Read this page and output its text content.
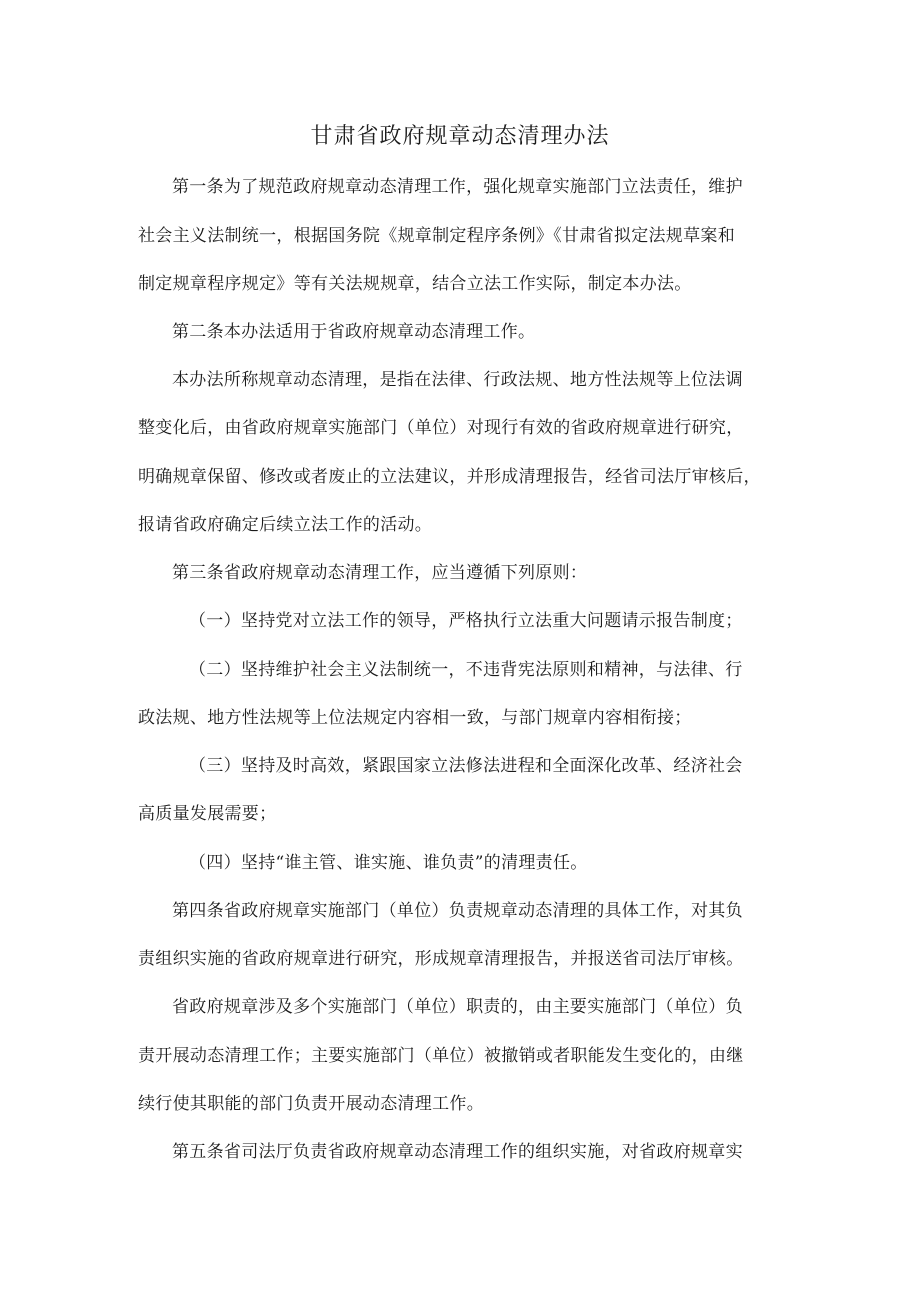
甘肃省政府规章动态清理办法

第一条为了规范政府规章动态清理工作，强化规章实施部门立法责任，维护

社会主义法制统一，根据国务院《规章制定程序条例》《甘肃省拟定法规草案和

制定规章程序规定》等有关法规规章，结合立法工作实际，制定本办法。

第二条本办法适用于省政府规章动态清理工作。

本办法所称规章动态清理，是指在法律、行政法规、地方性法规等上位法调

整变化后，由省政府规章实施部门（单位）对现行有效的省政府规章进行研究，

明确规章保留、修改或者废止的立法建议，并形成清理报告，经省司法厅审核后，

报请省政府确定后续立法工作的活动。

第三条省政府规章动态清理工作，应当遵循下列原则：

（一）坚持党对立法工作的领导，严格执行立法重大问题请示报告制度；

（二）坚持维护社会主义法制统一，不违背宪法原则和精神，与法律、行

政法规、地方性法规等上位法规定内容相一致，与部门规章内容相衔接；

（三）坚持及时高效，紧跟国家立法修法进程和全面深化改革、经济社会

高质量发展需要；

（四）坚持“谁主管、谁实施、谁负责”的清理责任。

第四条省政府规章实施部门（单位）负责规章动态清理的具体工作，对其负

责组织实施的省政府规章进行研究，形成规章清理报告，并报送省司法厅审核。

省政府规章涉及多个实施部门（单位）职责的，由主要实施部门（单位）负

责开展动态清理工作；主要实施部门（单位）被撤销或者职能发生变化的，由继

续行使其职能的部门负责开展动态清理工作。

第五条省司法厅负责省政府规章动态清理工作的组织实施，对省政府规章实
